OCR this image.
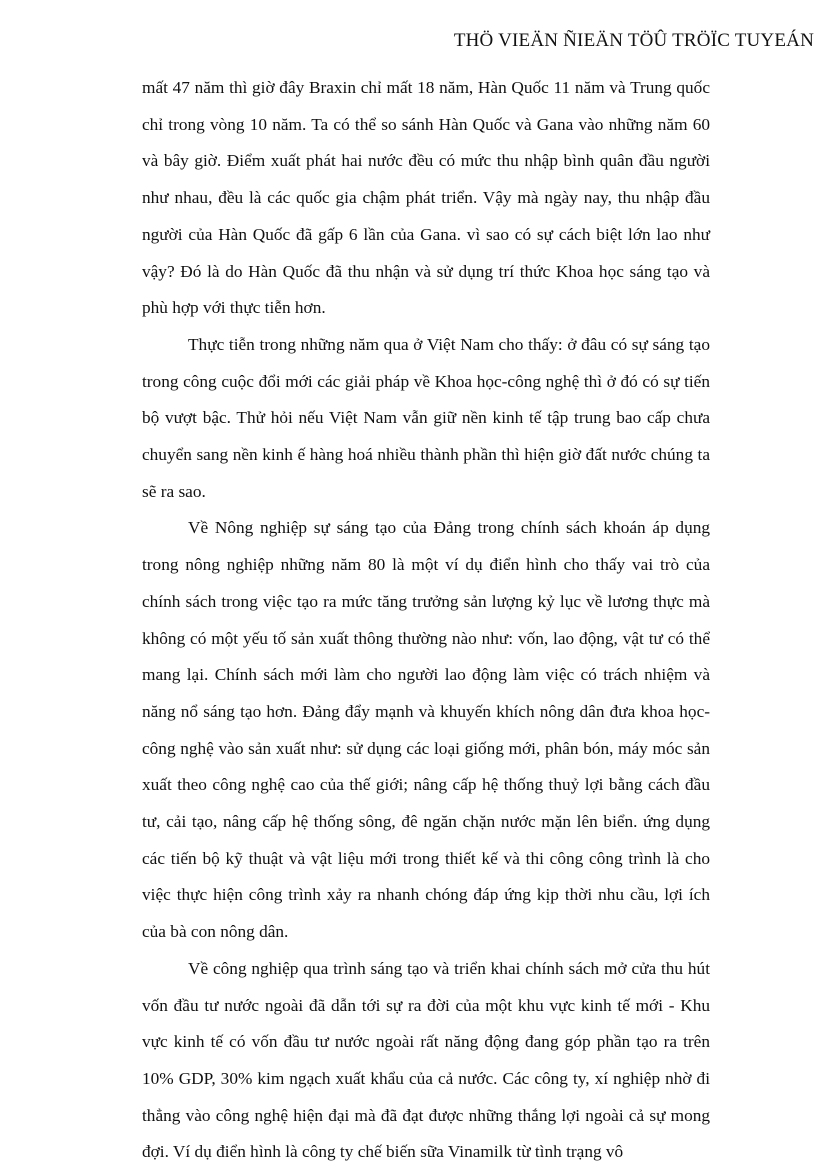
THÖ VIEÄN ÑIEÄN TÖÛ TRÖÏC TUYEÁN

mất 47 năm thì giờ đây Braxin chỉ mất 18 năm, Hàn Quốc 11 năm và Trung quốc chỉ trong vòng 10 năm. Ta có thể so sánh Hàn Quốc và Gana vào những năm 60 và bây giờ. Điểm xuất phát hai nước đều có mức thu nhập bình quân đầu người như nhau, đều là các quốc gia chậm phát triển. Vậy mà ngày nay, thu nhập đầu người của Hàn Quốc đã gấp 6 lần của Gana. vì sao có sự cách biệt lớn lao như vậy? Đó là do Hàn Quốc đã thu nhận và sử dụng trí thức Khoa học sáng tạo và phù hợp với thực tiễn hơn.

Thực tiễn trong những năm qua ở Việt Nam cho thấy: ở đâu có sự sáng tạo trong công cuộc đổi mới các giải pháp về Khoa học-công nghệ thì ở đó có sự tiến bộ vượt bậc. Thử hỏi nếu Việt Nam vẫn giữ nền kinh tế tập trung bao cấp chưa chuyển sang nền kinh ế hàng hoá nhiều thành phần thì hiện giờ đất nước chúng ta sẽ ra sao.

Về Nông nghiệp sự sáng tạo của Đảng trong chính sách khoán áp dụng trong nông nghiệp những năm 80 là một ví dụ điển hình cho thấy vai trò của chính sách trong việc tạo ra mức tăng trưởng sản lượng kỷ lục về lương thực mà không có một yếu tố sản xuất thông thường nào như: vốn, lao động, vật tư có thể mang lại. Chính sách mới làm cho người lao động làm việc có trách nhiệm và năng nổ sáng tạo hơn. Đảng đẩy mạnh và khuyến khích nông dân đưa khoa học-công nghệ vào sản xuất như: sử dụng các loại giống mới, phân bón, máy móc sản xuất theo công nghệ cao của thế giới; nâng cấp hệ thống thuỷ lợi bằng cách đầu tư, cải tạo, nâng cấp hệ thống sông, đê ngăn chặn nước mặn lên biển. ứng dụng các tiến bộ kỹ thuật và vật liệu mới trong thiết kế và thi công công trình là cho việc thực hiện công trình xảy ra nhanh chóng đáp ứng kịp thời nhu cầu, lợi ích của bà con nông dân.

Về công nghiệp qua trình sáng tạo và triển khai chính sách mở cửa thu hút vốn đầu tư nước ngoài đã dẫn tới sự ra đời của một khu vực kinh tế mới - Khu vực kinh tế có vốn đầu tư nước ngoài rất năng động đang góp phần tạo ra trên 10% GDP, 30% kim ngạch xuất khẩu của cả nước. Các công ty, xí nghiệp nhờ đi thẳng vào công nghệ hiện đại mà đã đạt được những thắng lợi ngoài cả sự mong đợi. Ví dụ điển hình là công ty chế biến sữa Vinamilk từ tình trạng vô
